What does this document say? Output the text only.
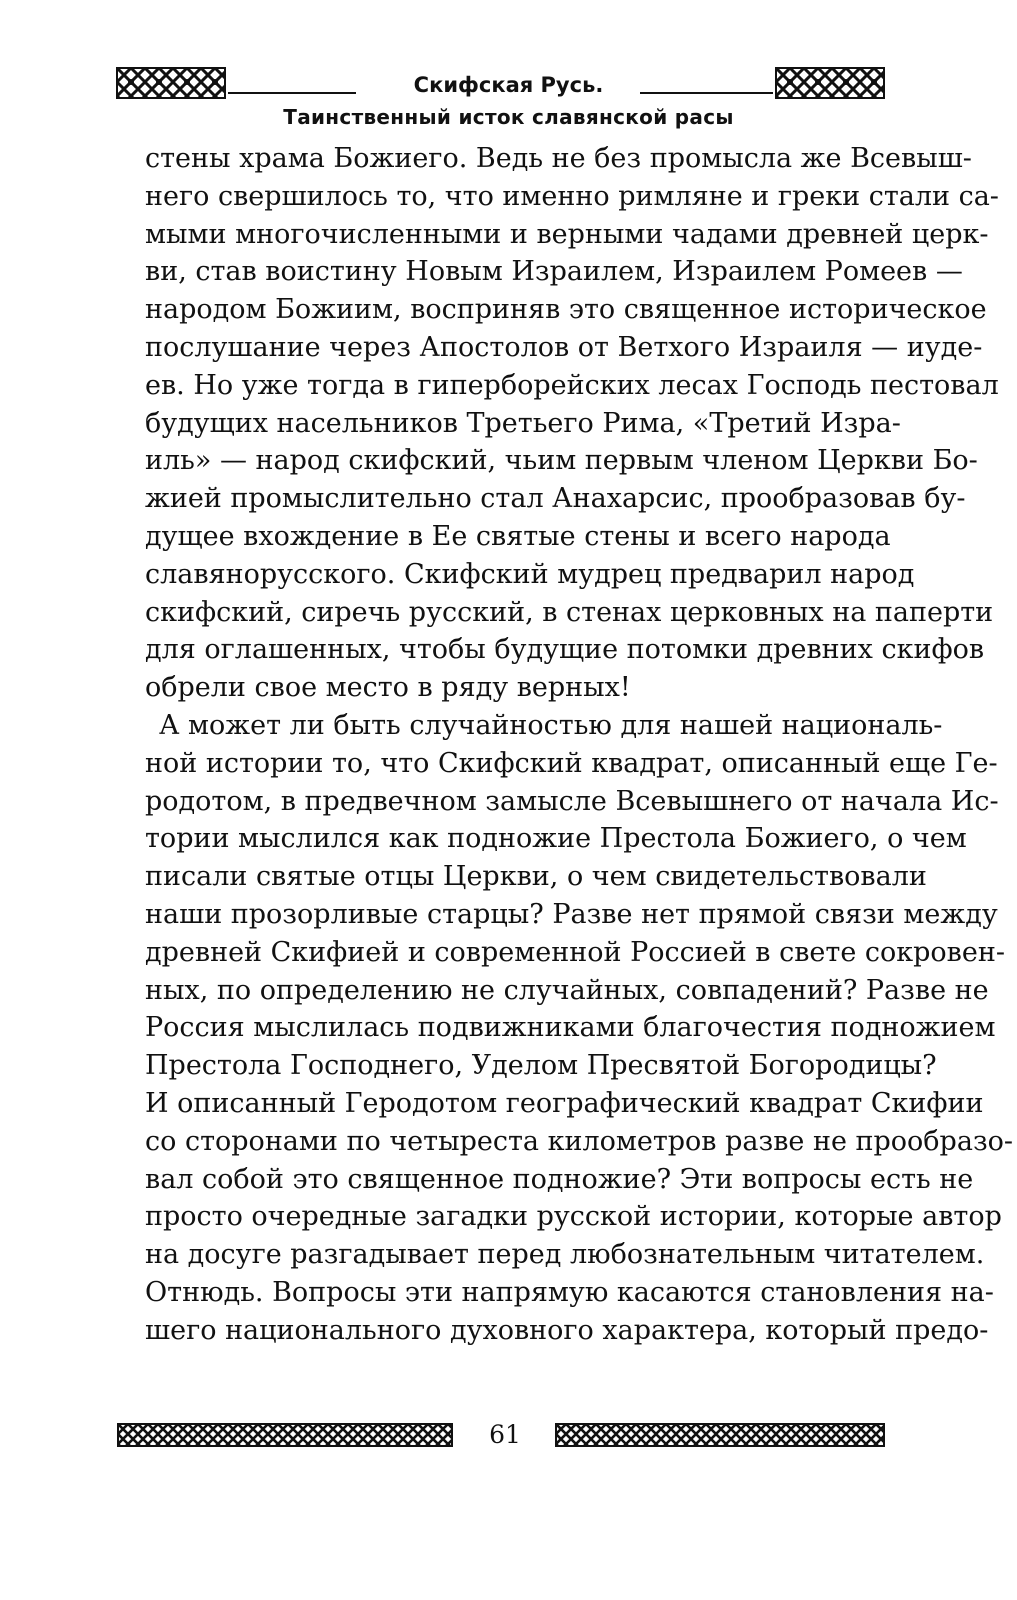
Скифская Русь.
Таинственный исток славянской расы
стены храма Божиего. Ведь не без промысла же Всевыш-
него свершилось то, что именно римляне и греки стали са-
мыми многочисленными и верными чадами древней церк-
ви, став воистину Новым Израилем, Израилем Ромеев —
народом Божиим, восприняв это священное историческое
послушание через Апостолов от Ветхого Израиля — иуде-
ев. Но уже тогда в гиперборейских лесах Господь пестовал
будущих насельников Третьего Рима, «Третий Изра-
иль» — народ скифский, чьим первым членом Церкви Бо-
жией промыслительно стал Анахарсис, прообразовав бу-
дущее вхождение в Ее святые стены и всего народа
славянорусского. Скифский мудрец предварил народ
скифский, сиречь русский, в стенах церковных на паперти
для оглашенных, чтобы будущие потомки древних скифов
обрели свое место в ряду верных!
А может ли быть случайностью для нашей националь-
ной истории то, что Скифский квадрат, описанный еще Ге-
родотом, в предвечном замысле Всевышнего от начала Ис-
тории мыслился как подножие Престола Божиего, о чем
писали святые отцы Церкви, о чем свидетельствовали
наши прозорливые старцы? Разве нет прямой связи между
древней Скифией и современной Россией в свете сокровен-
ных, по определению не случайных, совпадений? Разве не
Россия мыслилась подвижниками благочестия подножием
Престола Господнего, Уделом Пресвятой Богородицы?
И описанный Геродотом географический квадрат Скифии
со сторонами по четыреста километров разве не прообразо-
вал собой это священное подножие? Эти вопросы есть не
просто очередные загадки русской истории, которые автор
на досуге разгадывает перед любознательным читателем.
Отнюдь. Вопросы эти напрямую касаются становления на-
шего национального духовного характера, который предо-
61
